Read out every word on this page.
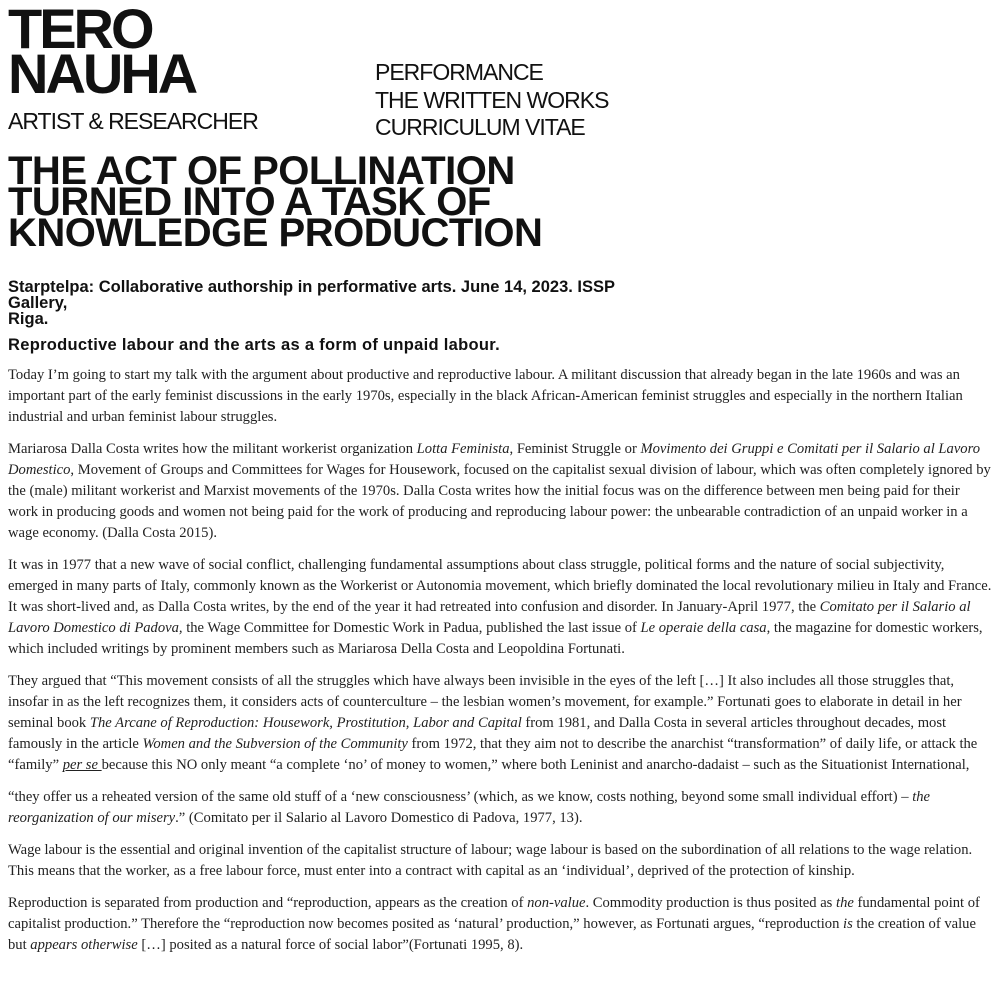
TERO
NAUHA
ARTIST & RESEARCHER
PERFORMANCE
THE WRITTEN WORKS
CURRICULUM VITAE
THE ACT OF POLLINATION
TURNED INTO A TASK OF
KNOWLEDGE PRODUCTION
Starptelpa: Collaborative authorship in performative arts. June 14, 2023. ISSP Gallery,
Riga.
Reproductive labour and the arts as a form of unpaid labour.

Today I’m going to start my talk with the argument about productive and reproductive labour. A militant discussion that already began in the late 1960s and was an important part of the early feminist discussions in the early 1970s, especially in the black African-American feminist struggles and especially in the northern Italian industrial and urban feminist labour struggles.

Mariarosa Dalla Costa writes how the militant workerist organization Lotta Feminista, Feminist Struggle or Movimento dei Gruppi e Comitati per il Salario al Lavoro Domestico, Movement of Groups and Committees for Wages for Housework, focused on the capitalist sexual division of labour, which was often completely ignored by the (male) militant workerist and Marxist movements of the 1970s. Dalla Costa writes how the initial focus was on the difference between men being paid for their work in producing goods and women not being paid for the work of producing and reproducing labour power: the unbearable contradiction of an unpaid worker in a wage economy. (Dalla Costa 2015).

It was in 1977 that a new wave of social conflict, challenging fundamental assumptions about class struggle, political forms and the nature of social subjectivity, emerged in many parts of Italy, commonly known as the Workerist or Autonomia movement, which briefly dominated the local revolutionary milieu in Italy and France. It was short-lived and, as Dalla Costa writes, by the end of the year it had retreated into confusion and disorder. In January-April 1977, the Comitato per il Salario al Lavoro Domestico di Padova, the Wage Committee for Domestic Work in Padua, published the last issue of Le operaie della casa, the magazine for domestic workers, which included writings by prominent members such as Mariarosa Della Costa and Leopoldina Fortunati.

They argued that “This movement consists of all the struggles which have always been invisible in the eyes of the left […] It also includes all those struggles that, insofar in as the left recognizes them, it considers acts of counterculture – the lesbian women’s movement, for example.” Fortunati goes to elaborate in detail in her seminal book The Arcane of Reproduction: Housework, Prostitution, Labor and Capital from 1981, and Dalla Costa in several articles throughout decades, most famously in the article Women and the Subversion of the Community from 1972, that they aim not to describe the anarchist “transformation” of daily life, or attack the “family” per se because this NO only meant “a complete ‘no’ of money to women,” where both Leninist and anarcho-dadaist – such as the Situationist International,

“they offer us a reheated version of the same old stuff of a ‘new consciousness’ (which, as we know, costs nothing, beyond some small individual effort) – the reorganization of our misery.” (Comitato per il Salario al Lavoro Domestico di Padova, 1977, 13).

Wage labour is the essential and original invention of the capitalist structure of labour; wage labour is based on the subordination of all relations to the wage relation. This means that the worker, as a free labour force, must enter into a contract with capital as an ‘individual’, deprived of the protection of kinship.

Reproduction is separated from production and “reproduction, appears as the creation of non-value. Commodity production is thus posited as the fundamental point of capitalist production.” Therefore the “reproduction now becomes posited as ‘natural’ production,” however, as Fortunati argues, “reproduction is the creation of value but appears otherwise […] posited as a natural force of social labor”(Fortunati 1995, 8).
